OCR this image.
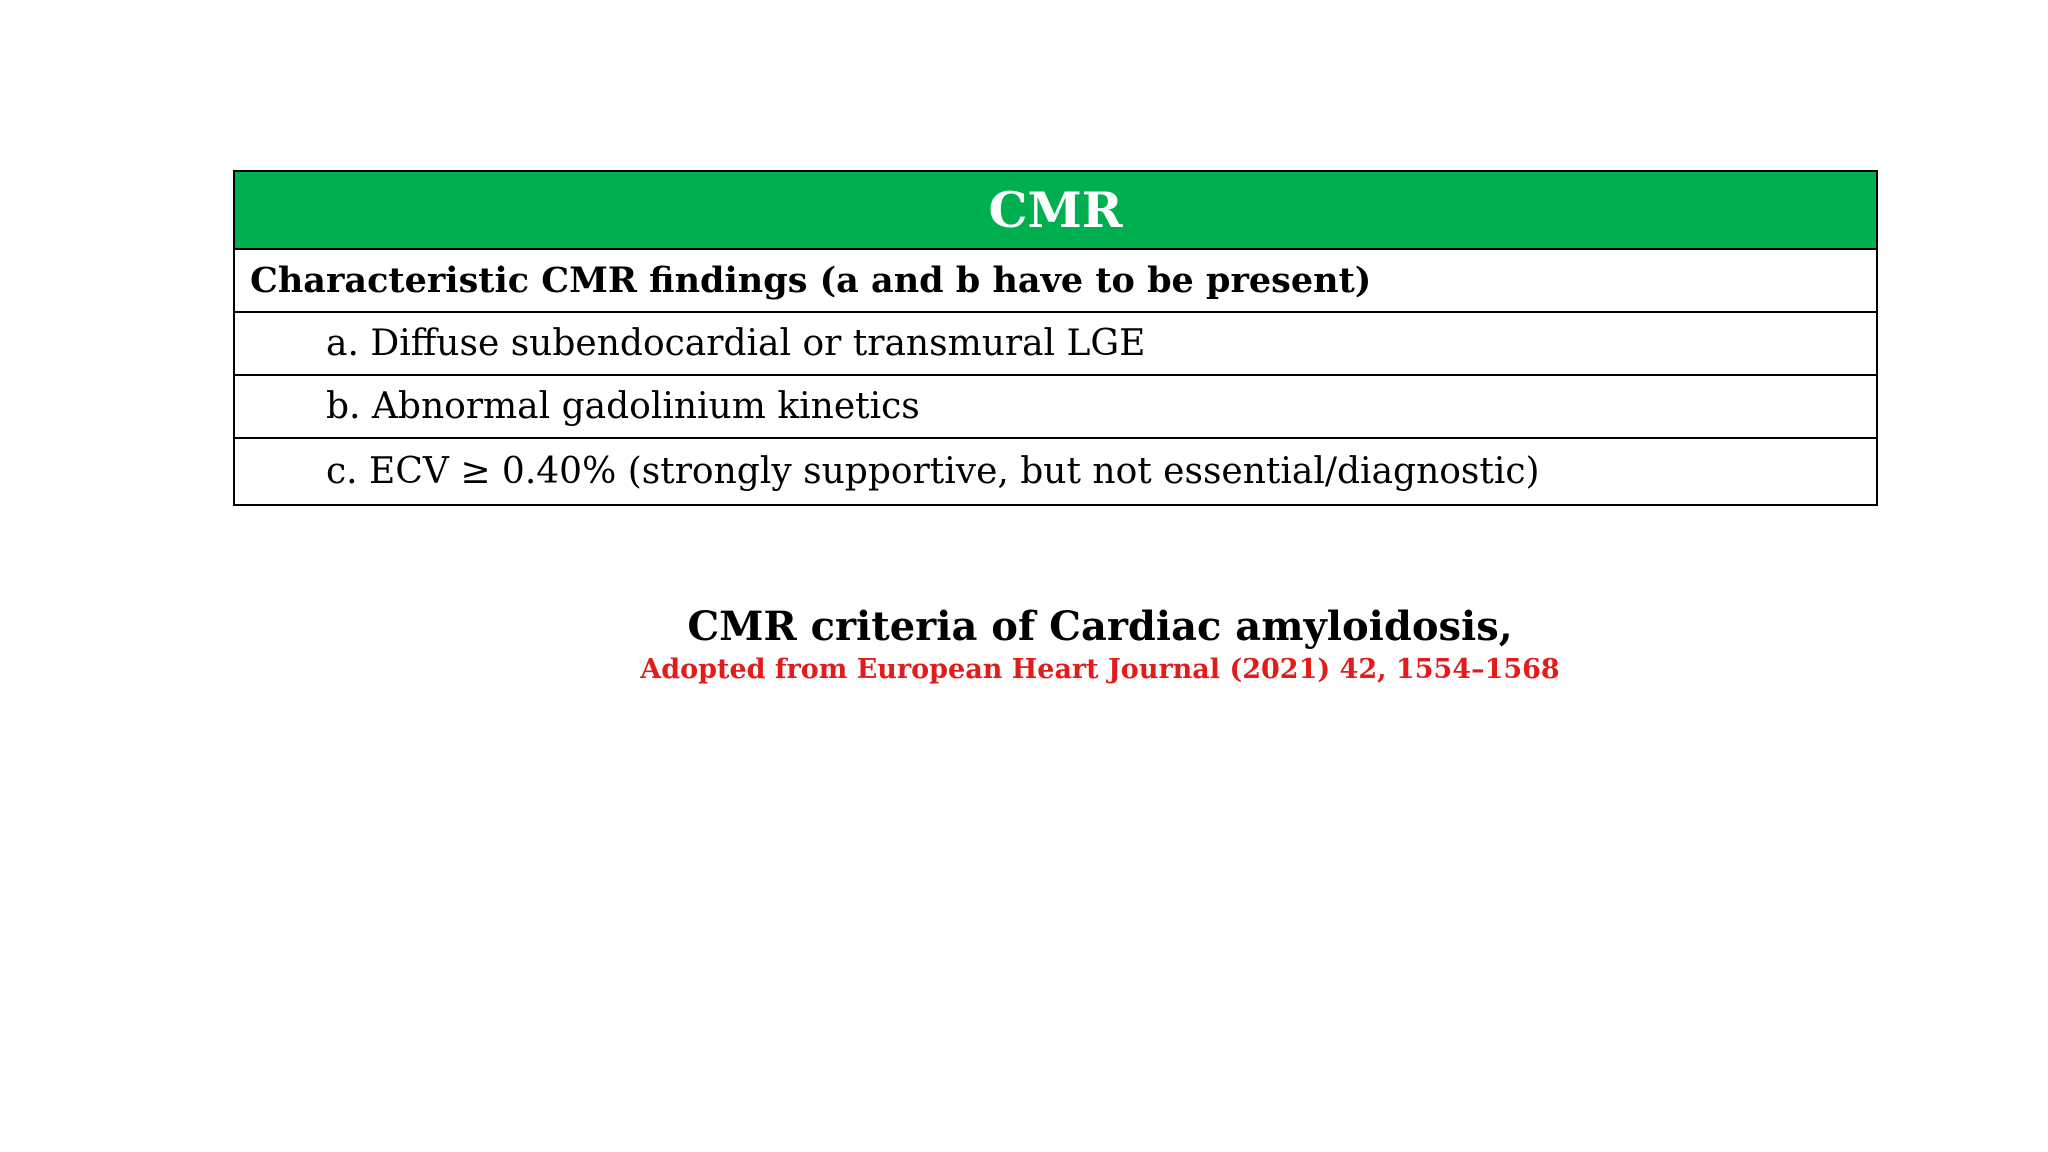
CMR
Characteristic CMR findings (a and b have to be present)
a. Diffuse subendocardial or transmural LGE
b. Abnormal gadolinium kinetics
c. ECV ≥ 0.40% (strongly supportive, but not essential/diagnostic)
CMR criteria of Cardiac amyloidosis,
Adopted from European Heart Journal (2021) 42, 1554–1568
